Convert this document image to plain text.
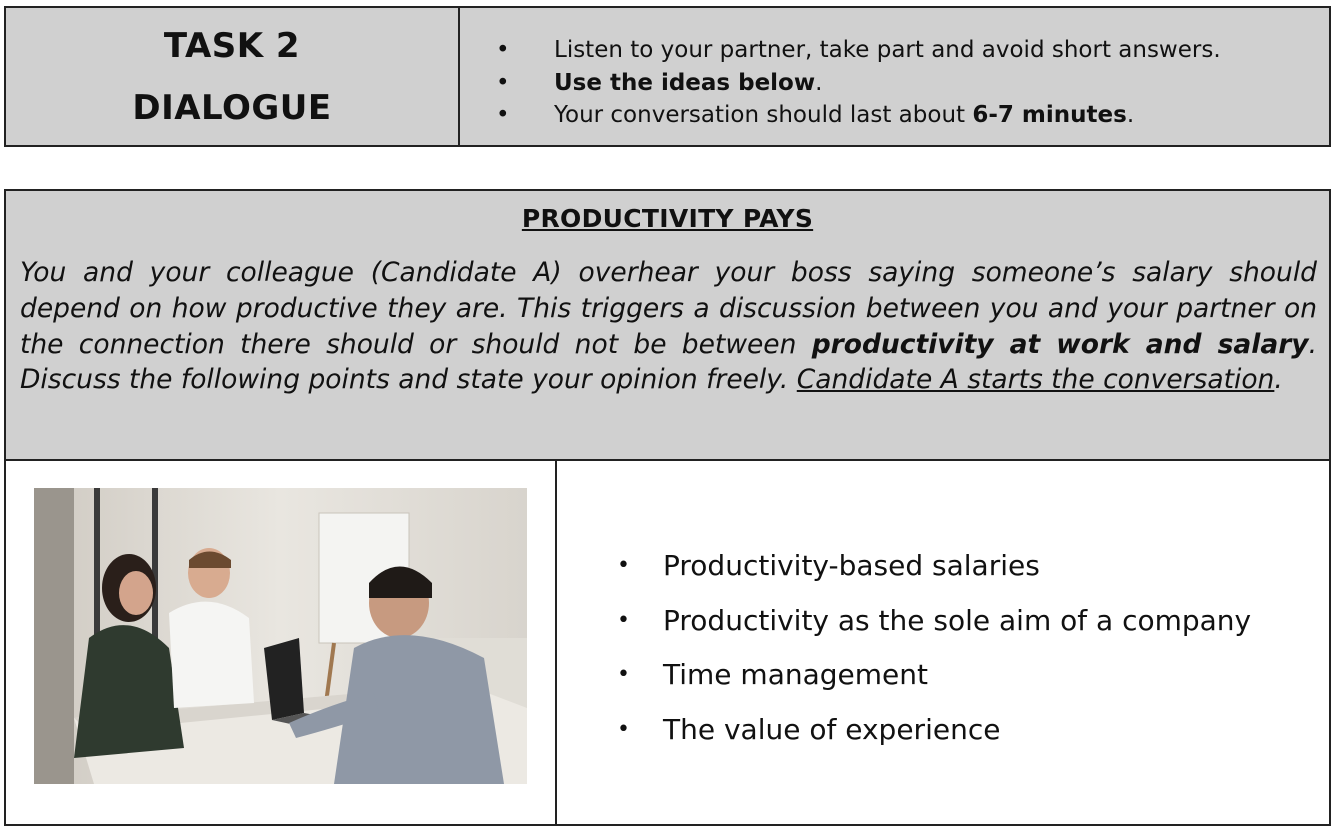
TASK 2
DIALOGUE
•	Listen to your partner, take part and avoid short answers.
•	Use the ideas below.
•	Your conversation should last about 6-7 minutes.
PRODUCTIVITY PAYS
You and your colleague (Candidate A) overhear your boss saying someone’s salary should depend on how productive they are. This triggers a discussion between you and your partner on the connection there should or should not be between productivity at work and salary. Discuss the following points and state your opinion freely. Candidate A starts the conversation.
•	Productivity-based salaries
•	Productivity as the sole aim of a company
•	Time management
•	The value of experience
